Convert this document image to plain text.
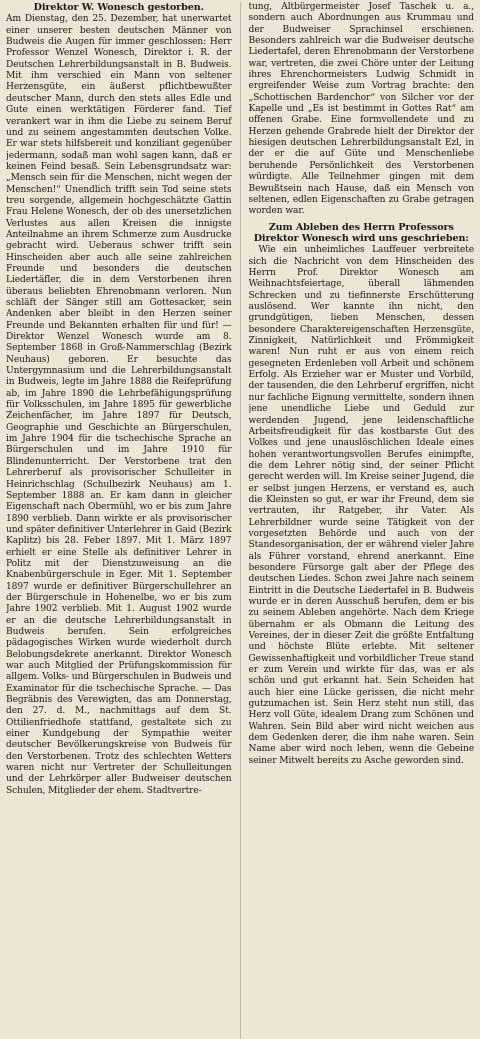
Direktor W. Wonesch gestorben.

Am Dienstag, den 25. Dezember, hat unerwartet einer unserer besten deutschen Männer von Budweis die Augen für immer geschlossen: Herr Professor Wenzel Wonesch, Direktor i. R. der Deutschen Lehrerbildungsanstalt in B. Budweis. Mit ihm verschied ein Mann von seltener Herzensgüte, ein äußerst pflichtbewußter deutscher Mann, durch den stets alles Edle und Gute einen werktätigen Förderer fand. Tief verankert war in ihm die Liebe zu seinem Beruf und zu seinem angestammten deutschen Volke. Er war stets hilfsbereit und konziliant gegenüber jedermann, sodaß man wohl sagen kann, daß er keinen Feind besaß. Sein Lebensgrundsatz war: „Mensch sein für die Menschen, nicht wegen der Menschen!“ Unendlich trifft sein Tod seine stets treu sorgende, allgemein hochgeschätzte Gattin Frau Helene Wonesch, der ob des unersetzlichen Verlustes aus allen Kreisen die innigste Anteilnahme an ihrem Schmerze zum Ausdrucke gebracht wird. Ueberaus schwer trifft sein Hinscheiden aber auch alle seine zahlreichen Freunde und besonders die deutschen Liedertäfler, die in dem Verstorbenen ihren überaus beliebten Ehrenobmann verloren. Nun schläft der Sänger still am Gottesacker, sein Andenken aber bleibt in den Herzen seiner Freunde und Bekannten erhalten für und für! — Direktor Wenzel Wonesch wurde am 8. September 1868 in Groß-Nammerschlag (Bezirk Neuhaus) geboren. Er besuchte das Untergymnasium und die Lehrerbildungsanstalt in Budweis, legte im Jahre 1888 die Reifeprüfung ab, im Jahre 1890 die Lehrbefähigungsprüfung für Volksschulen, im Jahre 1895 für gewerbliche Zeichenfächer, im Jahre 1897 für Deutsch, Geographie und Geschichte an Bürgerschulen, im Jahre 1904 für die tschechische Sprache an Bürgerschulen und im Jahre 1910 für Blindenunterricht. Der Verstorbene trat den Lehrerberuf als provisorischer Schulleiter in Heinrichschlag (Schulbezirk Neuhaus) am 1. September 1888 an. Er kam dann in gleicher Eigenschaft nach Obermühl, wo er bis zum Jahre 1890 verblieb. Dann wirkte er als provisorischer und später definitiver Unterlehrer in Gaid (Bezirk Kaplitz) bis 28. Feber 1897. Mit 1. März 1897 erhielt er eine Stelle als definitiver Lehrer in Politz mit der Dienstzuweisung an die Knabenbürgerschule in Eger. Mit 1. September 1897 wurde er definitiver Bürgerschullehrer an der Bürgerschule in Hohenelbe, wo er bis zum Jahre 1902 verblieb. Mit 1. August 1902 wurde er an die deutsche Lehrerbildungsanstalt in Budweis berufen. Sein erfolgreiches pädagogisches Wirken wurde wiederholt durch Belobungsdekrete anerkannt. Direktor Wonesch war auch Mitglied der Prüfungskommission für allgem. Volks- und Bürgerschulen in Budweis und Examinator für die tschechische Sprache. — Das Begräbnis des Verewigten, das am Donnerstag, den 27. d. M., nachmittags auf dem St. Ottilienfriedhofe stattfand, gestaltete sich zu einer Kundgebung der Sympathie weiter deutscher Bevölkerungskreise von Budweis für den Verstorbenen. Trotz des schlechten Wetters waren nicht nur Vertreter der Schulleitungen und der Lehrkörper aller Budweiser deutschen Schulen, Mitglieder der ehem. Stadtvertre-

tung, Altbürgermeister Josef Taschek u. a., sondern auch Abordnungen aus Krummau und der Budweiser Sprachinsel erschienen. Besonders zahlreich war die Budweiser deutsche Liedertafel, deren Ehrenobmann der Verstorbene war, vertreten, die zwei Chöre unter der Leitung ihres Ehrenchormeisters Ludwig Schmidt in ergreifender Weise zum Vortrag brachte: den „Schottischen Bardenchor“ von Silcher vor der Kapelle und „Es ist bestimmt in Gottes Rat“ am offenen Grabe. Eine formvollendete und zu Herzen gehende Grabrede hielt der Direktor der hiesigen deutschen Lehrerbildungsanstalt Ezl, in der er die auf Güte und Menschenliebe beruhende Persönlichkeit des Verstorbenen würdigte. Alle Teilnehmer gingen mit dem Bewußtsein nach Hause, daß ein Mensch von seltenen, edlen Eigenschaften zu Grabe getragen worden war.

Zum Ableben des Herrn Professors Direktor Wonesch wird uns geschrieben:

Wie ein unheimliches Lauffeuer verbreitete sich die Nachricht von dem Hinscheiden des Herrn Prof. Direktor Wonesch am Weihnachtsfeiertage, überall lähmenden Schrecken und zu tiefinnerste Erschütterung auslösend. Wer kannte ihn nicht, den grundgütigen, lieben Menschen, dessen besondere Charaktereigenschaften Herzensgüte, Zinnigkeit, Natürlichkeit und Frömmigkeit waren! Nun ruht er aus von einem reich gesegneten Erdenleben voll Arbeit und schönem Erfolg. Als Erzieher war er Muster und Vorbild, der tausenden, die den Lehrberuf ergriffen, nicht nur fachliche Eignung vermittelte, sondern ihnen jene unendliche Liebe und Geduld zur werdenden Jugend, jene leidenschaftliche Arbeitsfreudigkeit für das kostbarste Gut des Volkes und jene unauslöschlichen Ideale eines hohen verantwortungsvollen Berufes einimpfte, die dem Lehrer nötig sind, der seiner Pflicht gerecht werden will. Im Kreise seiner Jugend, die er selbst jungen Herzens, er verstand es, auch die Kleinsten so gut, er war ihr Freund, dem sie vertrauten, ihr Ratgeber, ihr Vater. Als Lehrerbildner wurde seine Tätigkeit von der vorgesetzten Behörde und auch von der Standesorganisation, der er während vieler Jahre als Führer vorstand, ehrend anerkannt. Eine besondere Fürsorge galt aber der Pflege des deutschen Liedes. Schon zwei Jahre nach seinem Eintritt in die Deutsche Liedertafel in B. Budweis wurde er in deren Ausschuß berufen, dem er bis zu seinem Ableben angehörte. Nach dem Kriege übernahm er als Obmann die Leitung des Vereines, der in dieser Zeit die größte Entfaltung und höchste Blüte erlebte. Mit seltener Gewissenhaftigkeit und vorbildlicher Treue stand er zum Verein und wirkte für das, was er als schön und gut erkannt hat. Sein Scheiden hat auch hier eine Lücke gerissen, die nicht mehr gutzumachen ist. Sein Herz steht nun still, das Herz voll Güte, idealem Drang zum Schönen und Wahren. Sein Bild aber wird nicht weichen aus dem Gedenken derer, die ihm nahe waren. Sein Name aber wird noch leben, wenn die Gebeine seiner Mitwelt bereits zu Asche geworden sind.
